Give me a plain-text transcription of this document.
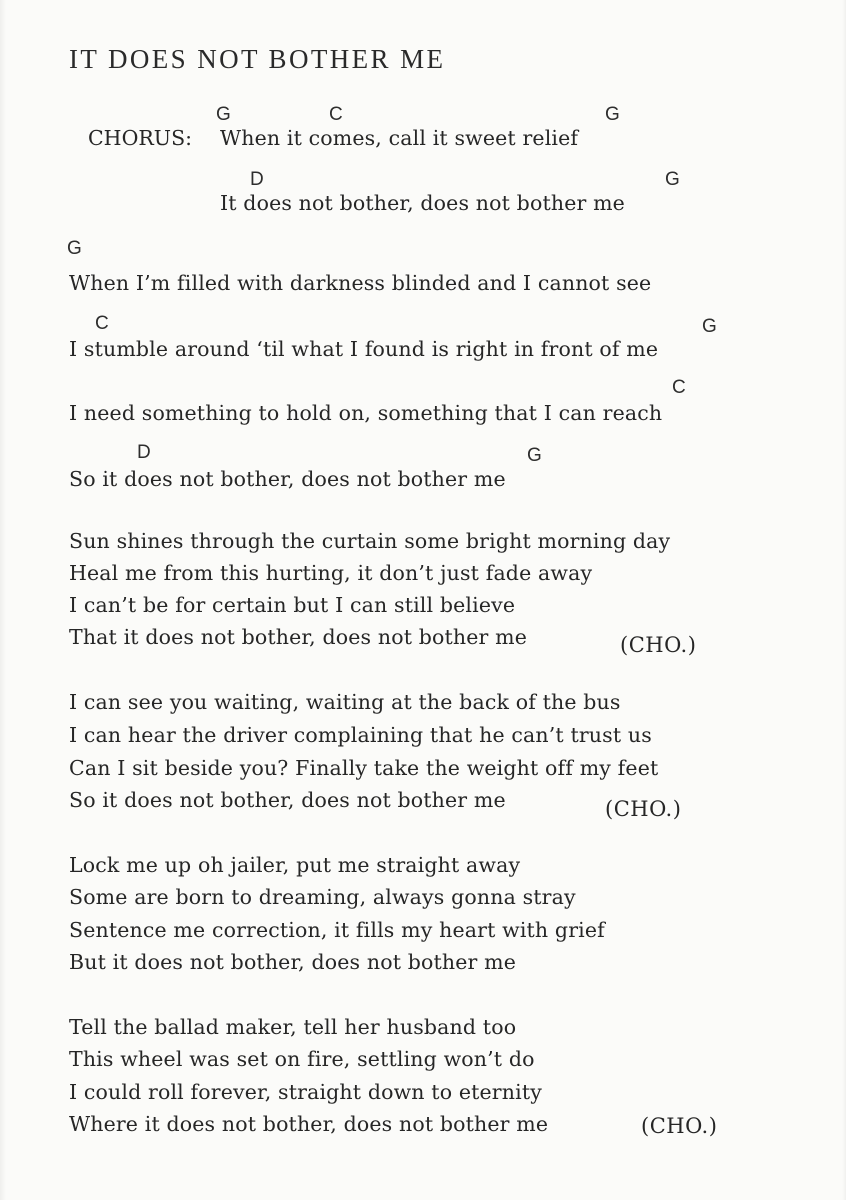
IT DOES NOT BOTHER ME
G	C	G
CHORUS: When it comes, call it sweet relief
D	G
It does not bother, does not bother me
G
When I’m filled with darkness blinded and I cannot see
C	G
I stumble around ‘til what I found is right in front of me
C
I need something to hold on, something that I can reach
D	G
So it does not bother, does not bother me
Sun shines through the curtain some bright morning day
Heal me from this hurting, it don’t just fade away
I can’t be for certain but I can still believe
That it does not bother, does not bother me	(CHO.)
I can see you waiting, waiting at the back of the bus
I can hear the driver complaining that he can’t trust us
Can I sit beside you? Finally take the weight off my feet
So it does not bother, does not bother me	(CHO.)
Lock me up oh jailer, put me straight away
Some are born to dreaming, always gonna stray
Sentence me correction, it fills my heart with grief
But it does not bother, does not bother me
Tell the ballad maker, tell her husband too
This wheel was set on fire, settling won’t do
I could roll forever, straight down to eternity
Where it does not bother, does not bother me	(CHO.)
